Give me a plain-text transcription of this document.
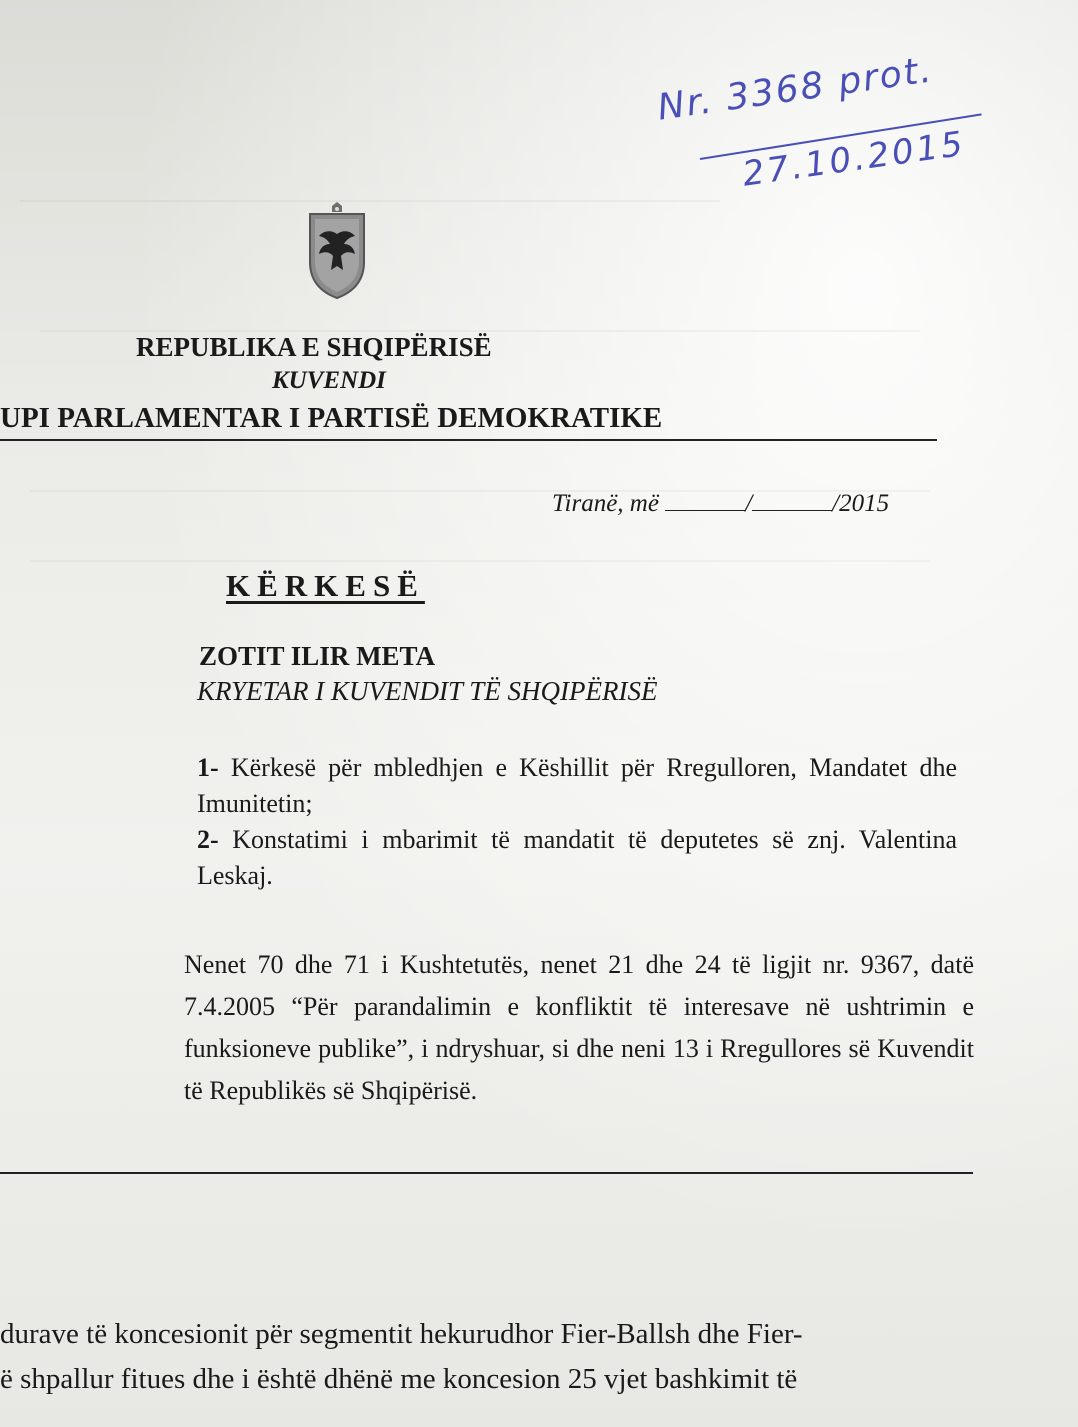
Nr. 3368 prot.
27.10.2015
REPUBLIKA E SHQIPËRISË
KUVENDI
UPI PARLAMENTAR I PARTISË DEMOKRATIKE
Tiranë, më	/	/2015
KËRKESË
ZOTIT ILIR META
KRYETAR I KUVENDIT TË SHQIPËRISË
1- Kërkesë për mbledhjen e Këshillit për Rregulloren, Mandatet dhe Imunitetin;
2- Konstatimi i mbarimit të mandatit të deputetes së znj. Valentina Leskaj.
Nenet 70 dhe 71 i Kushtetutës, nenet 21 dhe 24 të ligjit nr. 9367, datë 7.4.2005 “Për parandalimin e konfliktit të interesave në ushtrimin e funksioneve publike”, i ndryshuar, si dhe neni 13 i Rregullores së Kuvendit të Republikës së Shqipërisë.
durave të koncesionit për segmentit hekurudhor Fier-Ballsh dhe Fier-
ë shpallur fitues dhe i është dhënë me koncesion 25 vjet bashkimit të
